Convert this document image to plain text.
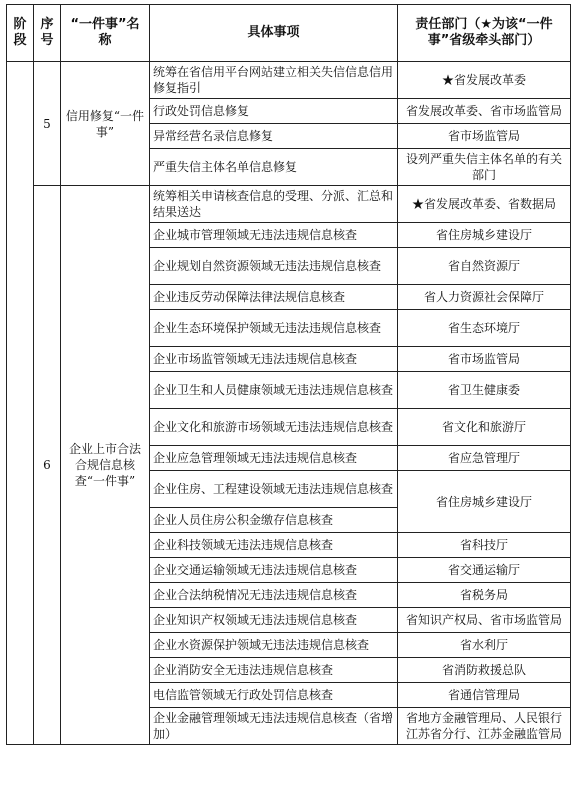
阶段	序号	“一件事”名称	具体事项	责任部门（★为该“一件事”省级牵头部门）
	5	信用修复“一件事”	统筹在省信用平台网站建立相关失信信息信用修复指引	★省发展改革委
			行政处罚信息修复	省发展改革委、省市场监管局
			异常经营名录信息修复	省市场监管局
			严重失信主体名单信息修复	设列严重失信主体名单的有关部门
	6	企业上市合法合规信息核查“一件事”	统筹相关申请核查信息的受理、分派、汇总和结果送达	★省发展改革委、省数据局
			企业城市管理领域无违法违规信息核查	省住房城乡建设厅
			企业规划自然资源领域无违法违规信息核查	省自然资源厅
			企业违反劳动保障法律法规信息核查	省人力资源社会保障厅
			企业生态环境保护领域无违法违规信息核查	省生态环境厅
			企业市场监管领域无违法违规信息核查	省市场监管局
			企业卫生和人员健康领域无违法违规信息核查	省卫生健康委
			企业文化和旅游市场领域无违法违规信息核查	省文化和旅游厅
			企业应急管理领域无违法违规信息核查	省应急管理厅
			企业住房、工程建设领域无违法违规信息核查	省住房城乡建设厅
			企业人员住房公积金缴存信息核查	
			企业科技领域无违法违规信息核查	省科技厅
			企业交通运输领域无违法违规信息核查	省交通运输厅
			企业合法纳税情况无违法违规信息核查	省税务局
			企业知识产权领域无违法违规信息核查	省知识产权局、省市场监管局
			企业水资源保护领域无违法违规信息核查	省水利厅
			企业消防安全无违法违规信息核查	省消防救援总队
			电信监管领域无行政处罚信息核查	省通信管理局
			企业金融管理领域无违法违规信息核查（省增加）	省地方金融管理局、人民银行江苏省分行、江苏金融监管局
